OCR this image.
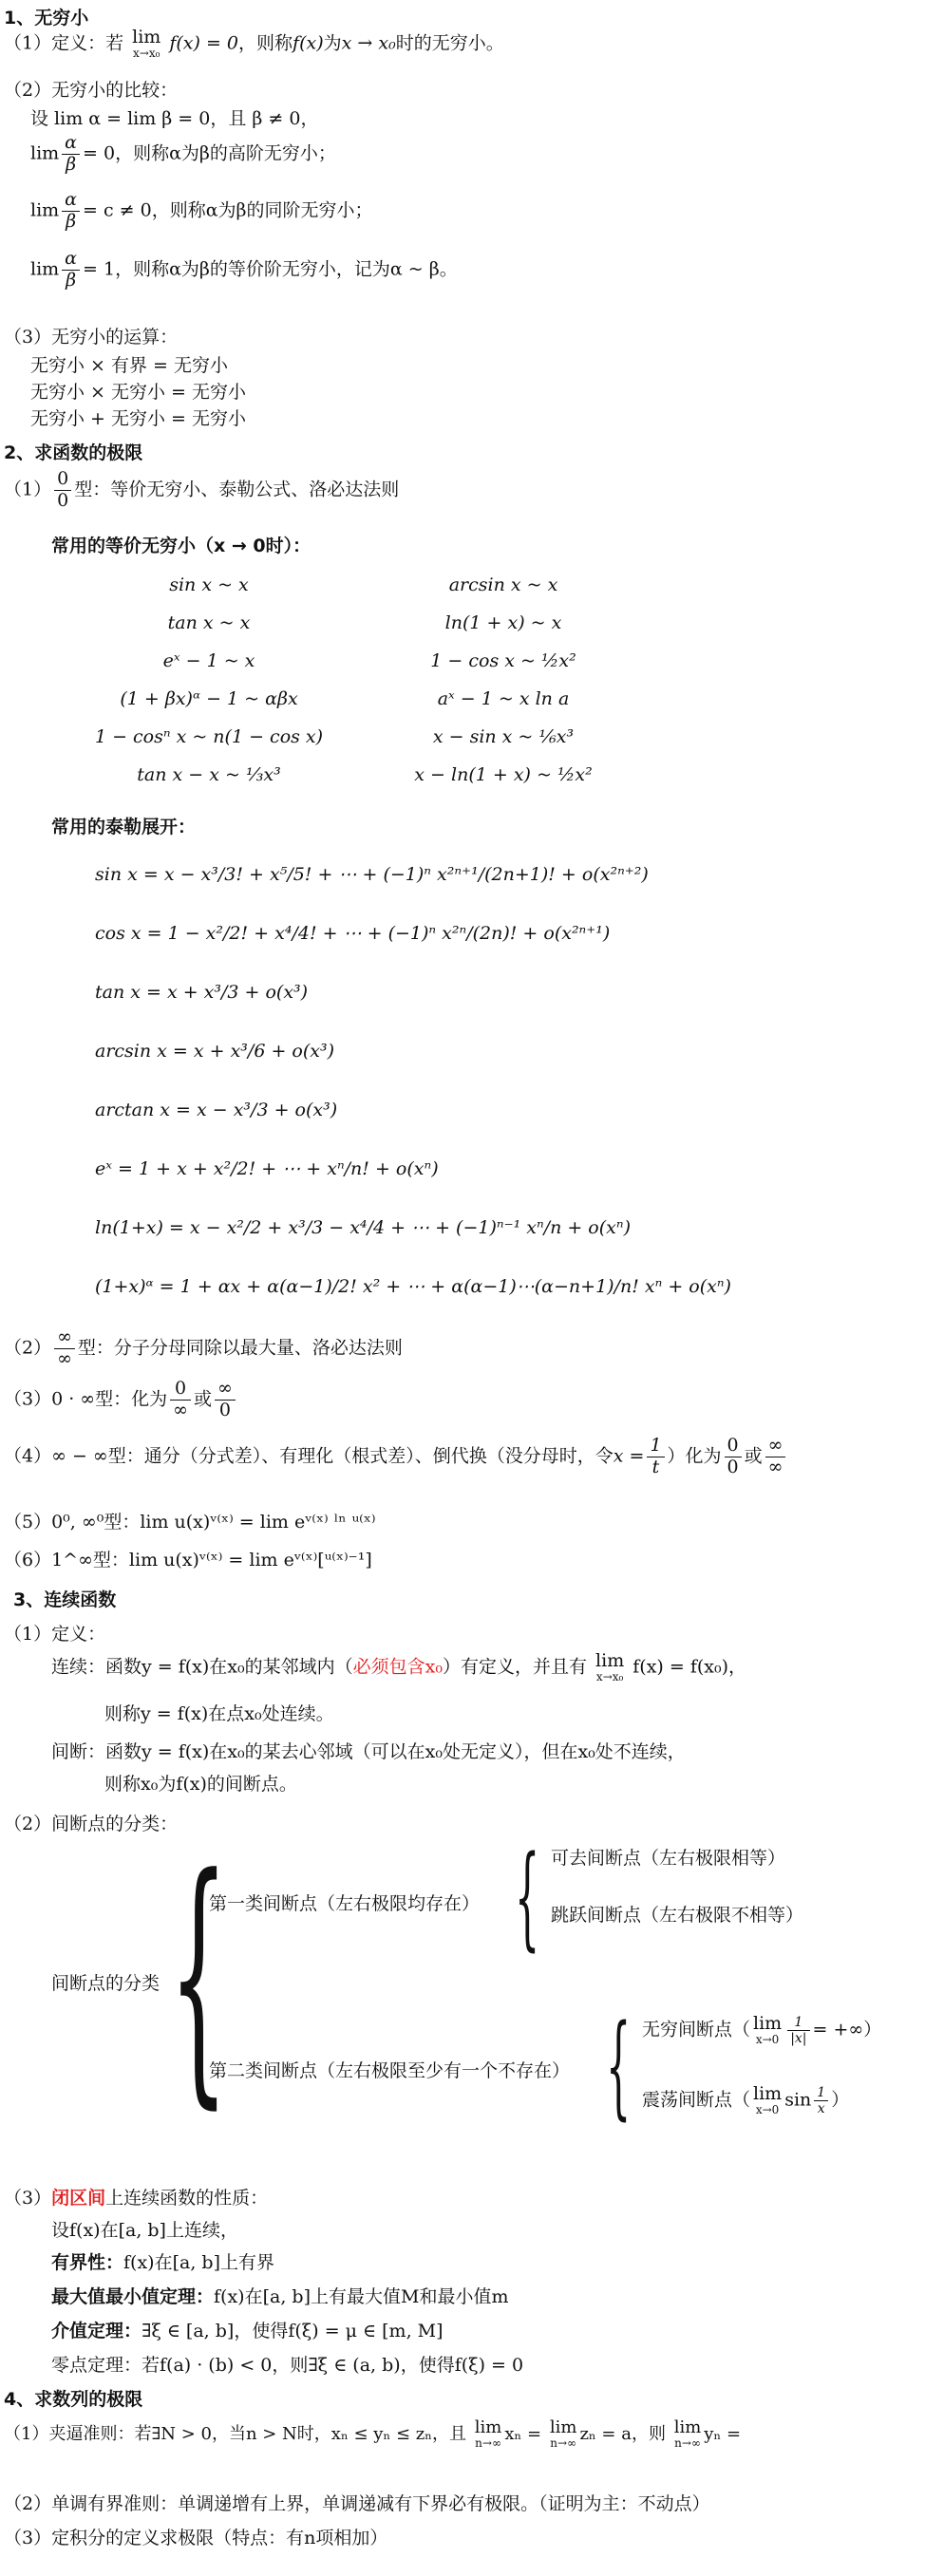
1、无穷小
（1）定义：若 lim
x→x₀ f(x) = 0，则称f(x)为x → x₀时的无穷小。
（2）无穷小的比较：
设 lim α = lim β = 0，且 β ≠ 0，
$\lim \frac{\alpha}{\beta} = 0$，则称α为β的高阶无穷小；
$\lim \frac{\alpha}{\beta} = c \ne 0$，则称α为β的同阶无穷小；
$\lim \frac{\alpha}{\beta} = 1$，则称α为β的等价阶无穷小，记为α ~ β。
（3）无穷小的运算：
无穷小 × 有界 = 无穷小
无穷小 × 无穷小 = 无穷小
无穷小 + 无穷小 = 无穷小
2、求函数的极限
$(1) \frac{0}{0}$ 型：等价无穷小、泰勒公式、洛必达法则
常用的等价无穷小（x → 0时）：
sin x ~ x
tan x ~ x
eˣ − 1 ~ x
(1 + βx)ᵅ − 1 ~ αβx
1 − cosⁿ x ~ n(1 − cos x)
tan x − x ~ ⅓x³
arcsin x ~ x
ln(1 + x) ~ x
1 − cos x ~ ½x²
aˣ − 1 ~ x ln a
x − sin x ~ ⅙x³
x − ln(1 + x) ~ ½x²
常用的泰勒展开：
sin x = x − x³/3! + x⁵/5! + ⋯ + (−1)ⁿ x²ⁿ⁺¹/(2n+1)! + o(x²ⁿ⁺²)
cos x = 1 − x²/2! + x⁴/4! + ⋯ + (−1)ⁿ x²ⁿ/(2n)! + o(x²ⁿ⁺¹)
tan x = x + x³/3 + o(x³)
arcsin x = x + x³/6 + o(x³)
arctan x = x − x³/3 + o(x³)
eˣ = 1 + x + x²/2! + ⋯ + xⁿ/n! + o(xⁿ)
ln(1+x) = x − x²/2 + x³/3 − x⁴/4 + ⋯ + (−1)ⁿ⁻¹ xⁿ/n + o(xⁿ)
(1+x)ᵅ = 1 + αx + α(α−1)/2! x² + ⋯ + α(α−1)⋯(α−n+1)/n! xⁿ + o(xⁿ)
$(2) \frac{\infty}{\infty}$ 型：分子分母同除以最大量、洛必达法则
（3）0 · ∞型：化为 $\frac{0}{\infty}$ 或 $\frac{\infty}{0}$
（4）∞ − ∞型：通分（分式差）、有理化（根式差）、倒代换（没分母时，令$x = \frac{1}{t}$ ）化为 $\frac{0}{0}$ 或 $\frac{\infty}{\infty}$
（5）0⁰, ∞⁰型：lim u(x)ᵛ⁽ˣ⁾ = lim eᵛ⁽ˣ⁾ ˡⁿ ᵘ⁽ˣ⁾
（6）1^∞型：lim u(x)ᵛ⁽ˣ⁾ = lim eᵛ⁽ˣ⁾[ᵘ⁽ˣ⁾⁻¹]
3、连续函数
（1）定义：
连续：函数y = f(x)在x₀的某邻域内（必须包含x₀）有定义，并且有 lim
x→x₀ f(x) = f(x₀)，
则称y = f(x)在点x₀处连续。
间断：函数y = f(x)在x₀的某去心邻域（可以在x₀处无定义），但在x₀处不连续，
则称x₀为f(x)的间断点。
（2）间断点的分类：
间断点的分类 {
第一类间断点（左右极限均存在） { 可去间断点（左右极限相等）
跳跃间断点（左右极限不相等）
第二类间断点（左右极限至少有一个不存在） { 无穷间断点（ lim
$x\to 0 \frac{1}{|x|}$ = +∞）
震荡间断点（ lim
x→0 $\sin \frac{1}{x}$ ）
（3）闭区间上连续函数的性质：
设f(x)在[a, b]上连续，
有界性：f(x)在[a, b]上有界
最大值最小值定理：f(x)在[a, b]上有最大值M和最小值m
介值定理：∃ξ ∈ [a, b]，使得f(ξ) = μ ∈ [m, M]
零点定理：若f(a) · (b) < 0，则∃ξ ∈ (a, b)，使得f(ξ) = 0
4、求数列的极限
（1）夹逼准则：若∃N > 0，当n > N时，xₙ ≤ yₙ ≤ zₙ，且 lim
n→∞ xₙ = lim
n→∞ zₙ = a，则 lim
n→∞ yₙ =
（2）单调有界准则：单调递增有上界，单调递减有下界必有极限。（证明为主：不动点）
（3）定积分的定义求极限（特点：有n项相加）
